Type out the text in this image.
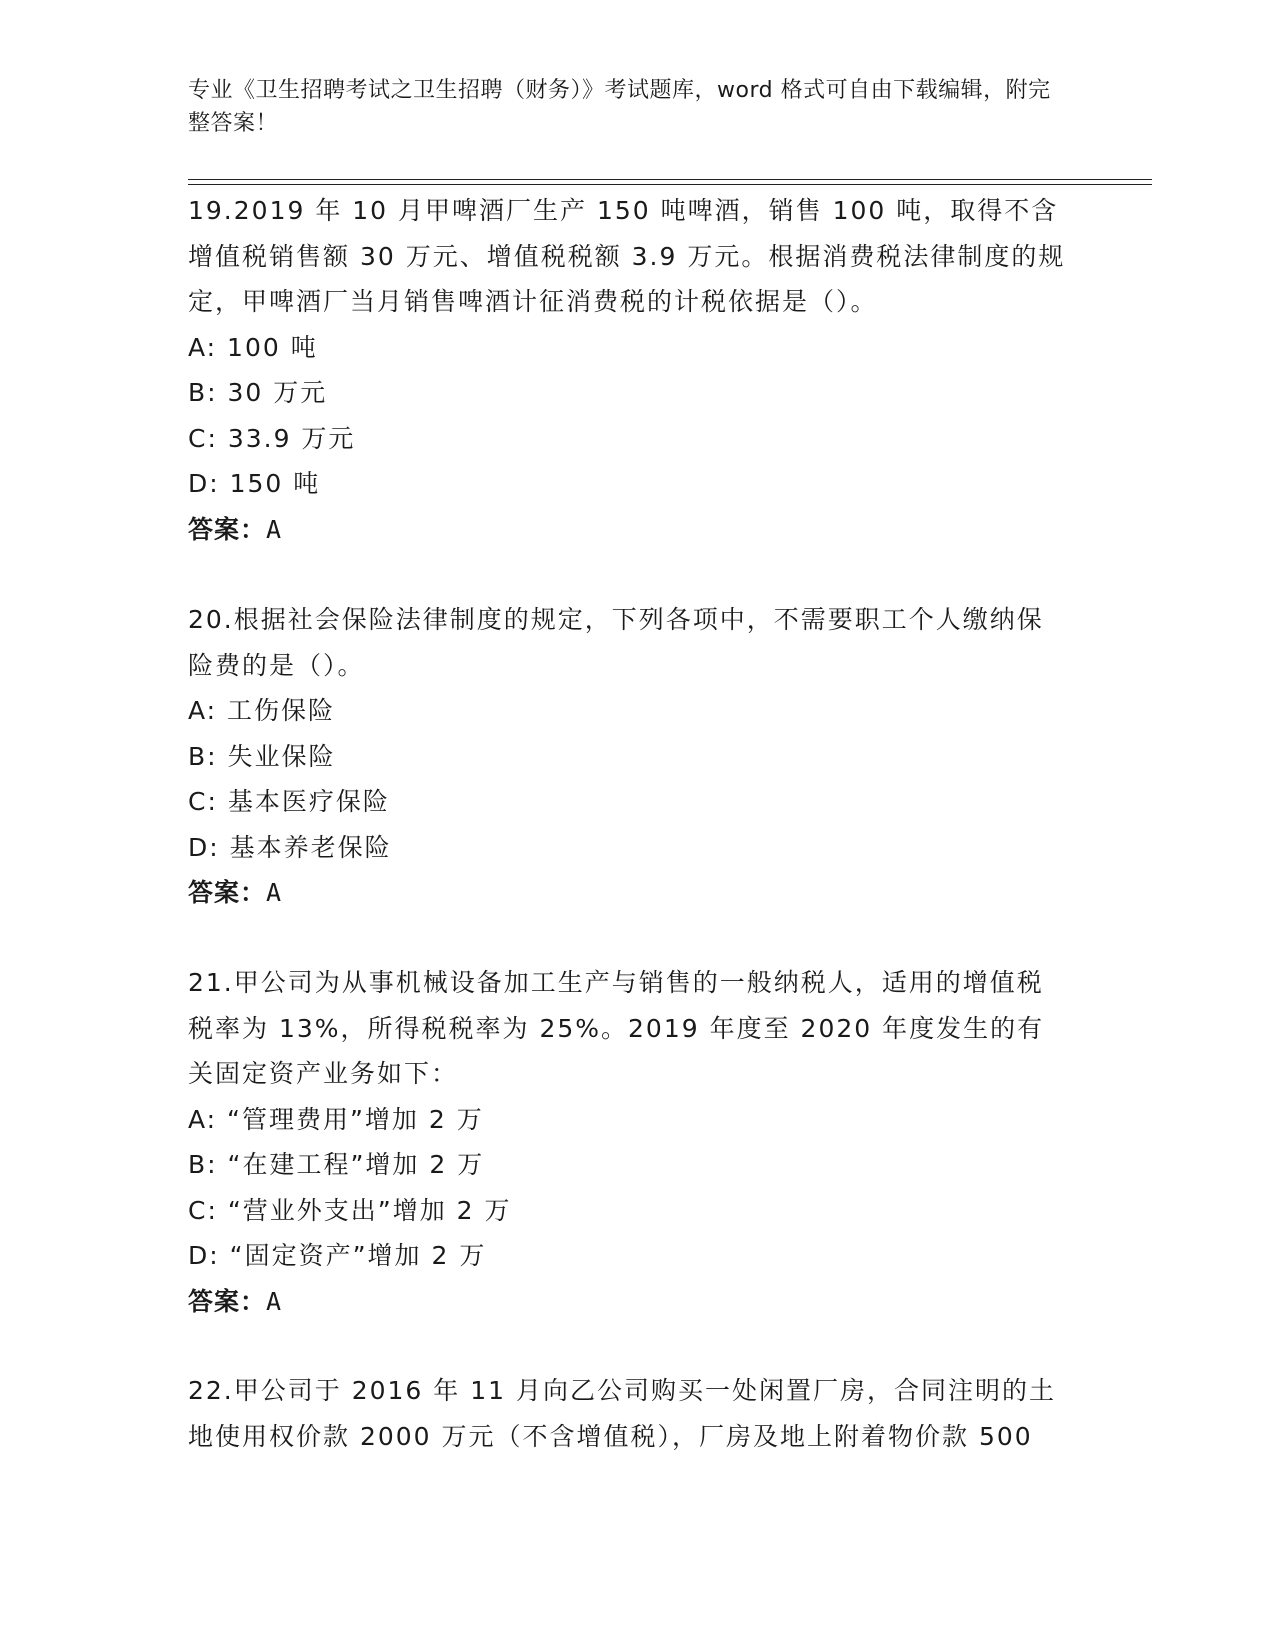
专业《卫生招聘考试之卫生招聘（财务）》考试题库，word 格式可自由下载编辑，附完整答案！

19.2019 年 10 月甲啤酒厂生产 150 吨啤酒，销售 100 吨，取得不含增值税销售额 30 万元、增值税税额 3.9 万元。根据消费税法律制度的规定，甲啤酒厂当月销售啤酒计征消费税的计税依据是（）。

A: 100 吨

B: 30 万元

C: 33.9 万元

D: 150 吨

答案：A

20.根据社会保险法律制度的规定，下列各项中，不需要职工个人缴纳保险费的是（）。

A: 工伤保险

B: 失业保险

C: 基本医疗保险

D: 基本养老保险

答案：A

21.甲公司为从事机械设备加工生产与销售的一般纳税人，适用的增值税税率为 13%，所得税税率为 25%。2019 年度至 2020 年度发生的有关固定资产业务如下：

A: “管理费用”增加 2 万

B: “在建工程”增加 2 万

C: “营业外支出”增加 2 万

D: “固定资产”增加 2 万

答案：A

22.甲公司于 2016 年 11 月向乙公司购买一处闲置厂房，合同注明的土地使用权价款 2000 万元（不含增值税），厂房及地上附着物价款 500
